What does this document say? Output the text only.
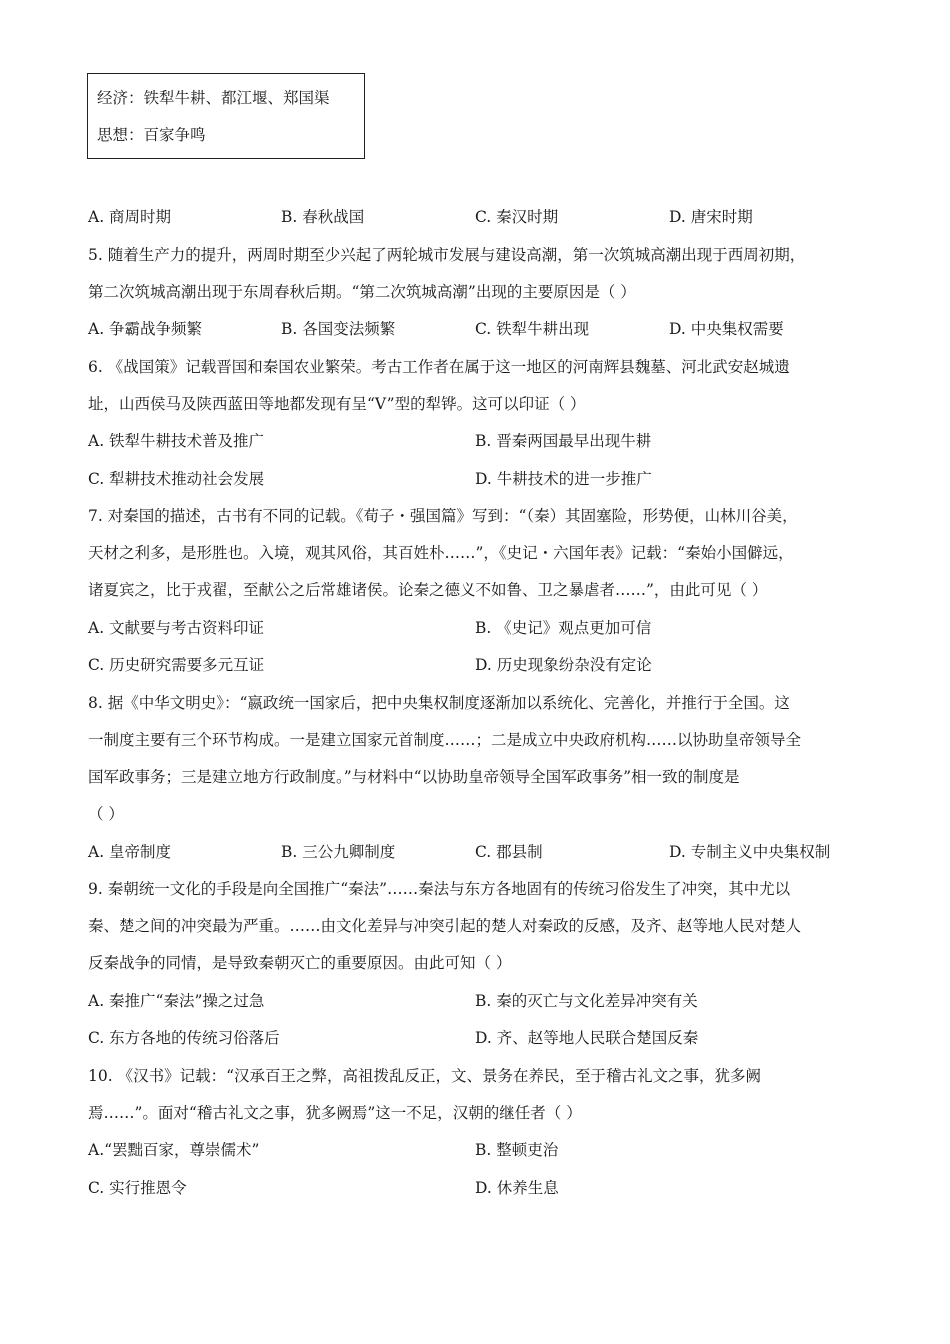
经济：铁犁牛耕、都江堰、郑国渠
思想：百家争鸣
A. 商周时期	B. 春秋战国	C. 秦汉时期	D. 唐宋时期
5. 随着生产力的提升，两周时期至少兴起了两轮城市发展与建设高潮，第一次筑城高潮出现于西周初期，
第二次筑城高潮出现于东周春秋后期。“第二次筑城高潮”出现的主要原因是（ ）
A. 争霸战争频繁	B. 各国变法频繁	C. 铁犁牛耕出现	D. 中央集权需要
6. 《战国策》记载晋国和秦国农业繁荣。考古工作者在属于这一地区的河南辉县魏墓、河北武安赵城遗
址，山西侯马及陕西蓝田等地都发现有呈“V”型的犁铧。这可以印证（ ）
A. 铁犁牛耕技术普及推广	B. 晋秦两国最早出现牛耕
C. 犁耕技术推动社会发展	D. 牛耕技术的进一步推广
7. 对秦国的描述，古书有不同的记载。《荀子・强国篇》写到：“（秦）其固塞险，形势便，山林川谷美，
天材之利多，是形胜也。入境，观其风俗，其百姓朴……”，《史记・六国年表》记载：“秦始小国僻远，
诸夏宾之，比于戎翟，至献公之后常雄诸侯。论秦之德义不如鲁、卫之暴虐者……”，由此可见（ ）
A. 文献要与考古资料印证	B. 《史记》观点更加可信
C. 历史研究需要多元互证	D. 历史现象纷杂没有定论
8. 据《中华文明史》：“嬴政统一国家后，把中央集权制度逐渐加以系统化、完善化，并推行于全国。这
一制度主要有三个环节构成。一是建立国家元首制度……；二是成立中央政府机构……以协助皇帝领导全
国军政事务；三是建立地方行政制度。”与材料中“以协助皇帝领导全国军政事务”相一致的制度是
（ ）
A. 皇帝制度	B. 三公九卿制度	C. 郡县制	D. 专制主义中央集权制
9. 秦朝统一文化的手段是向全国推广“秦法”……秦法与东方各地固有的传统习俗发生了冲突，其中尤以
秦、楚之间的冲突最为严重。……由文化差异与冲突引起的楚人对秦政的反感，及齐、赵等地人民对楚人
反秦战争的同情，是导致秦朝灭亡的重要原因。由此可知（ ）
A. 秦推广“秦法”操之过急	B. 秦的灭亡与文化差异冲突有关
C. 东方各地的传统习俗落后	D. 齐、赵等地人民联合楚国反秦
10. 《汉书》记载：“汉承百王之弊，高祖拨乱反正，文、景务在养民，至于稽古礼文之事，犹多阙
焉……”。面对“稽古礼文之事，犹多阙焉”这一不足，汉朝的继任者（ ）
A.“罢黜百家，尊崇儒术”	B. 整顿吏治
C. 实行推恩令	D. 休养生息
